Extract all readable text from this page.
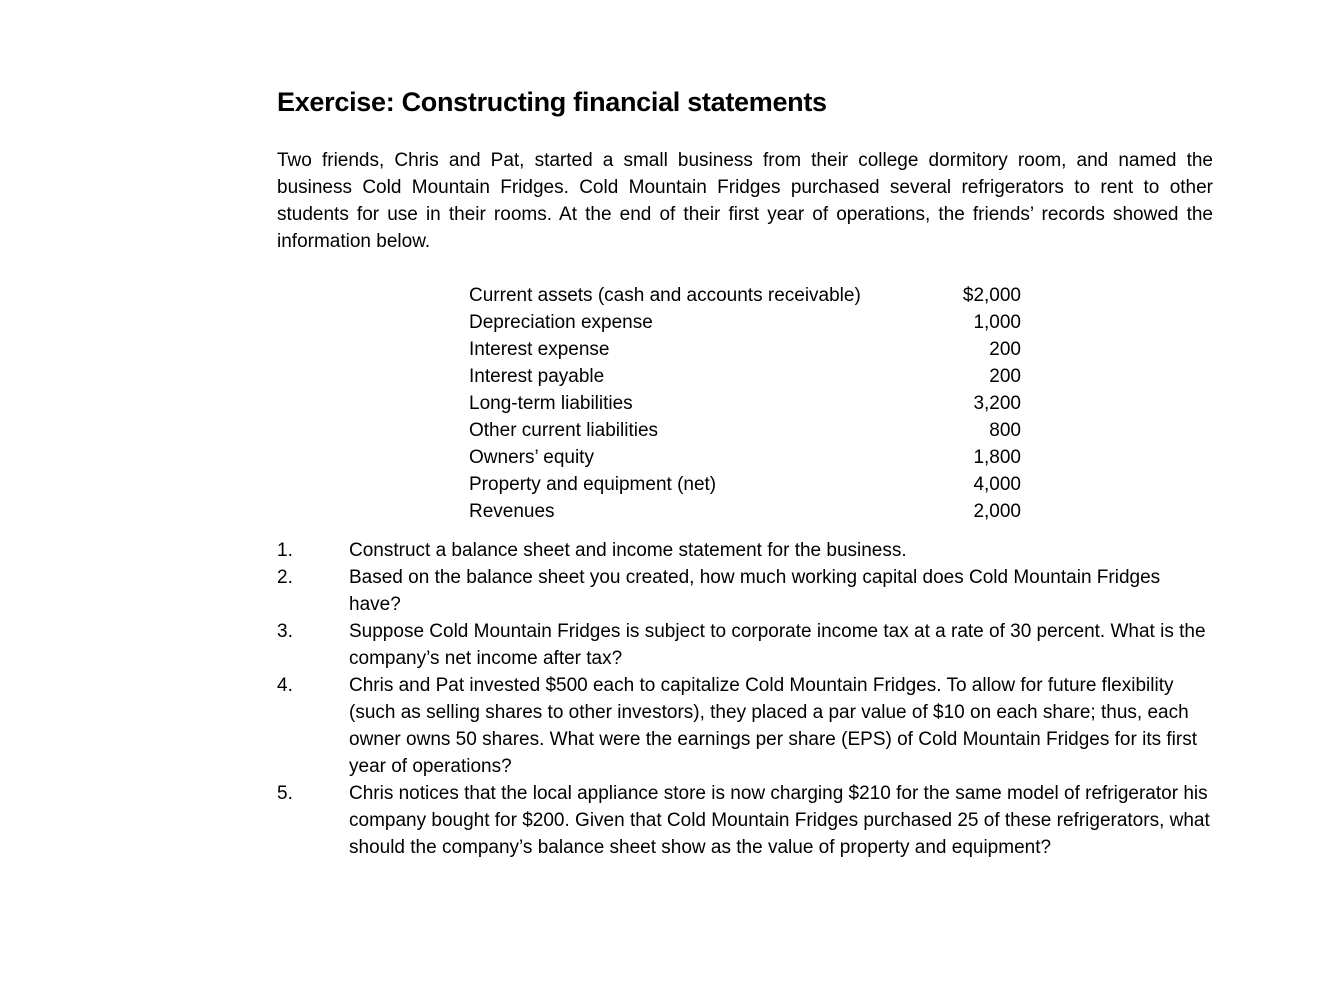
Exercise: Constructing financial statements

Two friends, Chris and Pat, started a small business from their college dormitory room, and named the business Cold Mountain Fridges. Cold Mountain Fridges purchased several refrigerators to rent to other students for use in their rooms. At the end of their first year of operations, the friends’ records showed the information below.

Current assets (cash and accounts receivable)	$2,000
Depreciation expense	1,000
Interest expense	200
Interest payable	200
Long-term liabilities	3,200
Other current liabilities	800
Owners’ equity	1,800
Property and equipment (net)	4,000
Revenues	2,000
1.	Construct a balance sheet and income statement for the business.
2.	Based on the balance sheet you created, how much working capital does Cold Mountain Fridges have?
3.	Suppose Cold Mountain Fridges is subject to corporate income tax at a rate of 30 percent. What is the company’s net income after tax?
4.	Chris and Pat invested $500 each to capitalize Cold Mountain Fridges. To allow for future flexibility (such as selling shares to other investors), they placed a par value of $10 on each share; thus, each owner owns 50 shares. What were the earnings per share (EPS) of Cold Mountain Fridges for its first year of operations?
5.	Chris notices that the local appliance store is now charging $210 for the same model of refrigerator his company bought for $200. Given that Cold Mountain Fridges purchased 25 of these refrigerators, what should the company’s balance sheet show as the value of property and equipment?
